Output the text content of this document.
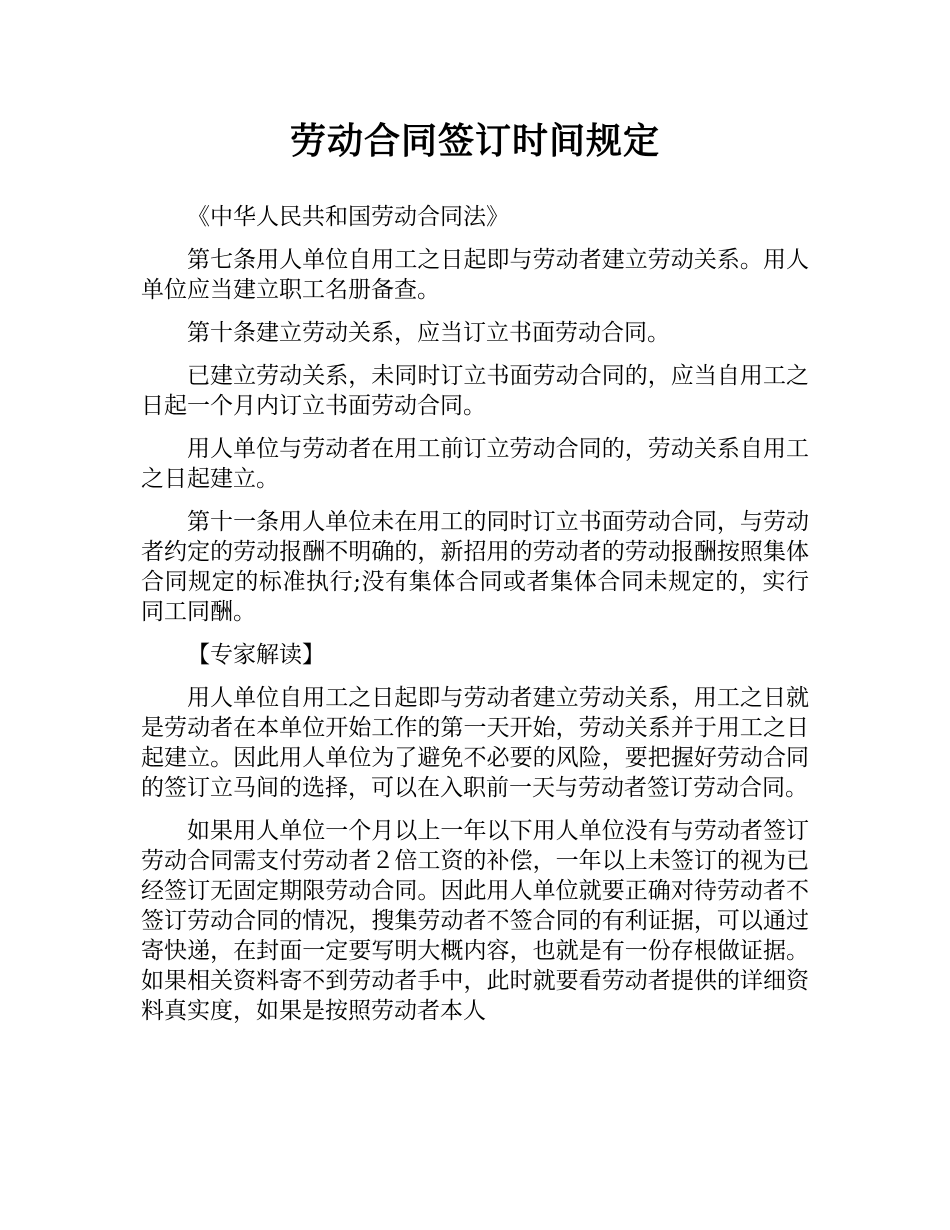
劳动合同签订时间规定

《中华人民共和国劳动合同法》

第七条用人单位自用工之日起即与劳动者建立劳动关系。用人单位应当建立职工名册备查。

第十条建立劳动关系，应当订立书面劳动合同。

已建立劳动关系，未同时订立书面劳动合同的，应当自用工之日起一个月内订立书面劳动合同。

用人单位与劳动者在用工前订立劳动合同的，劳动关系自用工之日起建立。

第十一条用人单位未在用工的同时订立书面劳动合同，与劳动者约定的劳动报酬不明确的，新招用的劳动者的劳动报酬按照集体合同规定的标准执行;没有集体合同或者集体合同未规定的，实行同工同酬。

【专家解读】

用人单位自用工之日起即与劳动者建立劳动关系，用工之日就是劳动者在本单位开始工作的第一天开始，劳动关系并于用工之日起建立。因此用人单位为了避免不必要的风险，要把握好劳动合同的签订立马间的选择，可以在入职前一天与劳动者签订劳动合同。

如果用人单位一个月以上一年以下用人单位没有与劳动者签订劳动合同需支付劳动者２倍工资的补偿，一年以上未签订的视为已经签订无固定期限劳动合同。因此用人单位就要正确对待劳动者不签订劳动合同的情况，搜集劳动者不签合同的有利证据，可以通过寄快递，在封面一定要写明大概内容，也就是有一份存根做证据。如果相关资料寄不到劳动者手中，此时就要看劳动者提供的详细资料真实度，如果是按照劳动者本人
